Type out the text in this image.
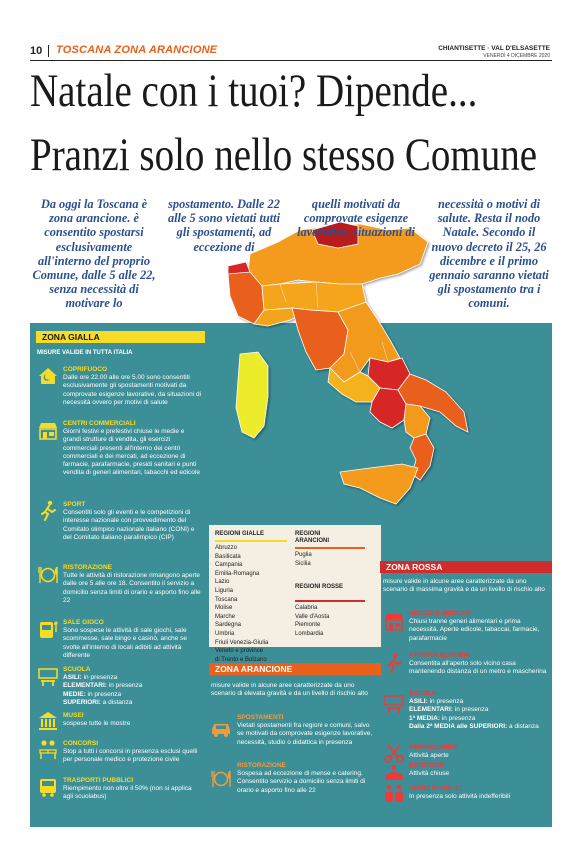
10 TOSCANA ZONA ARANCIONE	CHIANTISETTE · VAL D'ELSASETTE
VENERDÌ 4 DICEMBRE 2020
Natale con i tuoi? Dipende...
Pranzi solo nello stesso Comune
Da oggi la Toscana è zona arancione. è consentito spostarsi esclusivamente all'interno del proprio Comune, dalle 5 alle 22, senza necessità di motivare lo
spostamento. Dalle 22 alle 5 sono vietati tutti gli spostamenti, ad eccezione di
quelli motivati da comprovate esigenze lavorative, situazioni di
necessità o motivi di salute. Resta il nodo Natale. Secondo il nuovo decreto il 25, 26 dicembre e il primo gennaio saranno vietati gli spostamento tra i comuni.
ZONA GIALLA
MISURE VALIDE IN TUTTA ITALIA
COPRIFUOCO
Dalle ore 22.00 alle ore 5.00 sono consentiti esclusivamente gli spostamenti motivati da comprovate esigenze lavorative, da situazioni di necessità ovvero per motivi di salute
CENTRI COMMERCIALI
Giorni festivi e prefestivi chiuse le medie e grandi strutture di vendita, gli esercizi commerciali presenti all'interno dei centri commerciali e dei mercati, ad eccezione di farmacie, parafarmacie, presidi sanitari e punti vendita di generi alimentari, tabacchi ed edicole
SPORT
Consentiti solo gli eventi e le competizioni di interesse nazionale con provvedimento del Comitato olimpico nazionale italiano (CONI) e del Comitato italiano paralimpico (CIP)
RISTORAZIONE
Tutte le attività di ristorazione rimangono aperte dalle ore 5 alle ore 18. Consentito il servizio a domicilio senza limiti di orario e asporto fino alle 22
SALE GIOCO
Sono sospese le attività di sale giochi, sale scommesse, sale bingo e casinò, anche se svolte all'interno di locali adibiti ad attività differente
SCUOLA
ASILI: in presenza
ELEMENTARI: in presenza
MEDIE: in presenza
SUPERIORI: a distanza
MUSEI
sospese tutte le mostre
CONCORSI
Stop a tutti i concorsi in presenza esclusi quelli per personale medico e protezione civile
TRASPORTI PUBBLICI
Riempimento non oltre il 50% (non si applica agli scuolabus)
REGIONI GIALLE
Abruzzo
Basilicata
Campania
Emilia-Romagna
Lazio
Liguria
Toscana
Molise
Marche
Sardegna
Umbria
Friuli Venezia-Giulia
Veneto e province
di Trento e Bolzano
REGIONI ARANCIONI
Puglia
Sicilia
REGIONI ROSSE
Calabria
Valle d'Aosta
Piemonte
Lombardia
ZONA ARANCIONE
misure valide in alcune aree caratterizzate da uno scenario di elevata gravità e da un livello di rischio alto
SPOSTAMENTI
Vietati spostamenti fra regioni e comuni, salvo se motivati da comprovate esigenze lavorative, necessità, studio o didattica in presenza
RISTORAZIONE
Sospesa ad eccezione di mense e catering. Consentito servizio a domicilio senza limiti di orario e asporto fino alle 22
ZONA ROSSA
misure valide in alcune aree caratterizzate da uno scenario di massima gravità e da un livello di rischio alto
NEGOZI E MERCATI
Chiusi tranne generi alimentari e prima necessità. Aperte edicole, tabaccai, farmacie, parafarmacie
ATTIVITÀ MOTORIA
Consentita all'aperto solo vicino casa mantenendo distanza di un metro e mascherina
SCUOLA
ASILI: in presenza
ELEMENTARI: in presenza
1ª MEDIA: in presenza
Dalla 2ª MEDIA alle SUPERIORI: a distanza
PARRUCCHIERI
Attività aperte
ESTETISTE
Attività chiuse
UFFICI PUBBLICI
In presenza solo attività indefferibili
